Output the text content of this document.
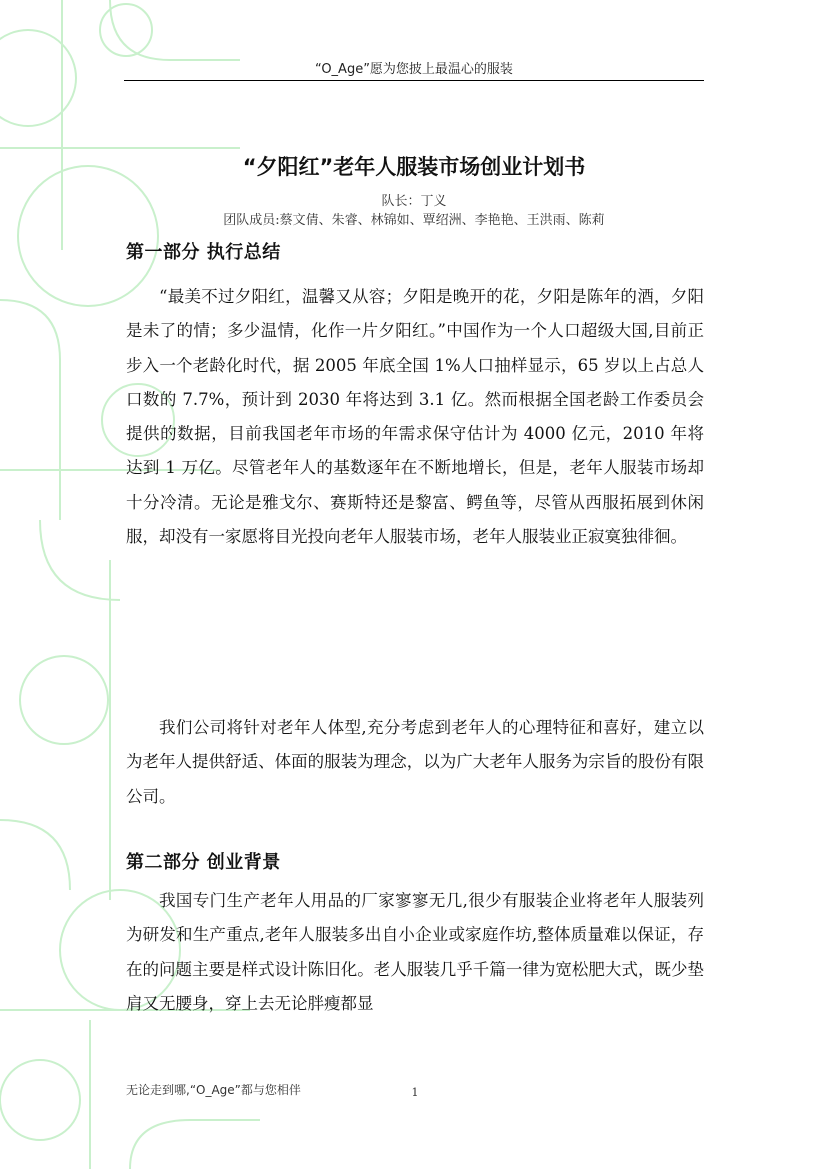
“O_Age”愿为您披上最温心的服装
“夕阳红”老年人服装市场创业计划书
队长：丁义
团队成员:蔡文倩、朱睿、林锦如、覃绍洲、李艳艳、王洪雨、陈莉
第一部分 执行总结
“最美不过夕阳红，温馨又从容；夕阳是晚开的花，夕阳是陈年的酒，夕阳是未了的情；多少温情，化作一片夕阳红。”中国作为一个人口超级大国,目前正步入一个老龄化时代，据 2005 年底全国 1%人口抽样显示，65 岁以上占总人口数的 7.7%，预计到 2030 年将达到 3.1 亿。然而根据全国老龄工作委员会提供的数据，目前我国老年市场的年需求保守估计为 4000 亿元，2010 年将达到 1 万亿。尽管老年人的基数逐年在不断地增长，但是，老年人服装市场却十分冷清。无论是雅戈尔、赛斯特还是黎富、鳄鱼等，尽管从西服拓展到休闲服，却没有一家愿将目光投向老年人服装市场，老年人服装业正寂寞独徘徊。
我们公司将针对老年人体型,充分考虑到老年人的心理特征和喜好，建立以为老年人提供舒适、体面的服装为理念，以为广大老年人服务为宗旨的股份有限公司。
第二部分 创业背景
我国专门生产老年人用品的厂家寥寥无几,很少有服装企业将老年人服装列为研发和生产重点,老年人服装多出自小企业或家庭作坊,整体质量难以保证，存在的问题主要是样式设计陈旧化。老人服装几乎千篇一律为宽松肥大式，既少垫肩又无腰身，穿上去无论胖瘦都显
无论走到哪,“O_Age”都与您相伴	1
